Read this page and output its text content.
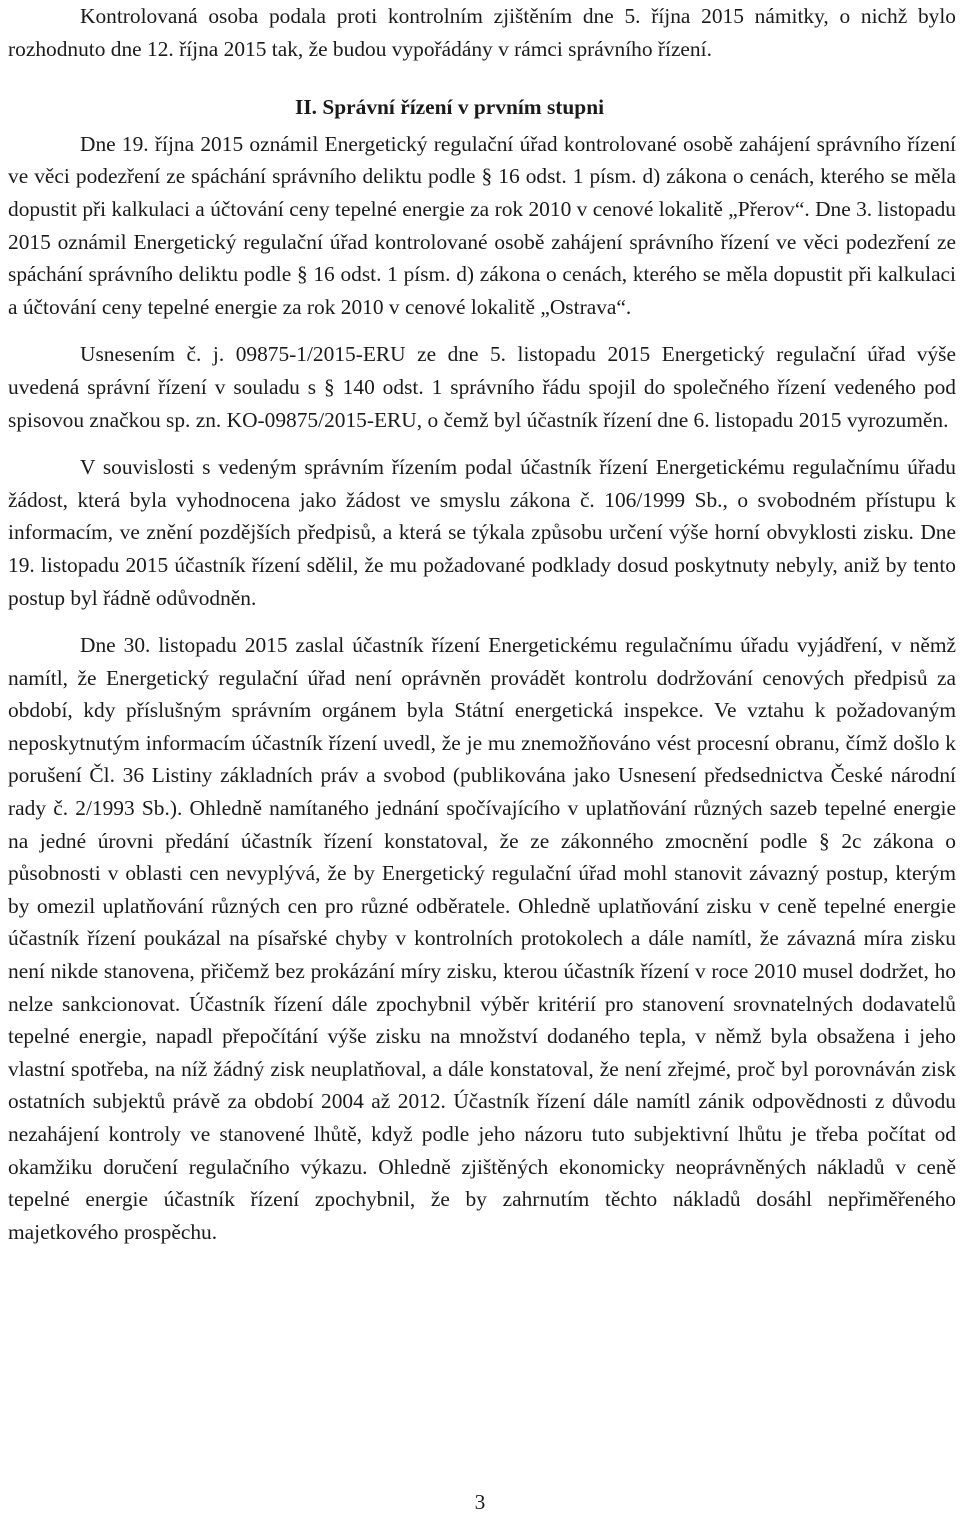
Kontrolovaná osoba podala proti kontrolním zjištěním dne 5. října 2015 námitky, o nichž bylo rozhodnuto dne 12. října 2015 tak, že budou vypořádány v rámci správního řízení.

II. Správní řízení v prvním stupni

Dne 19. října 2015 oznámil Energetický regulační úřad kontrolované osobě zahájení správního řízení ve věci podezření ze spáchání správního deliktu podle § 16 odst. 1 písm. d) zákona o cenách, kterého se měla dopustit při kalkulaci a účtování ceny tepelné energie za rok 2010 v cenové lokalitě „Přerov“. Dne 3. listopadu 2015 oznámil Energetický regulační úřad kontrolované osobě zahájení správního řízení ve věci podezření ze spáchání správního deliktu podle § 16 odst. 1 písm. d) zákona o cenách, kterého se měla dopustit při kalkulaci a účtování ceny tepelné energie za rok 2010 v cenové lokalitě „Ostrava“.

Usnesením č. j. 09875-1/2015-ERU ze dne 5. listopadu 2015 Energetický regulační úřad výše uvedená správní řízení v souladu s § 140 odst. 1 správního řádu spojil do společného řízení vedeného pod spisovou značkou sp. zn. KO-09875/2015-ERU, o čemž byl účastník řízení dne 6. listopadu 2015 vyrozuměn.

V souvislosti s vedeným správním řízením podal účastník řízení Energetickému regulačnímu úřadu žádost, která byla vyhodnocena jako žádost ve smyslu zákona č. 106/1999 Sb., o svobodném přístupu k informacím, ve znění pozdějších předpisů, a která se týkala způsobu určení výše horní obvyklosti zisku. Dne 19. listopadu 2015 účastník řízení sdělil, že mu požadované podklady dosud poskytnuty nebyly, aniž by tento postup byl řádně odůvodněn.

Dne 30. listopadu 2015 zaslal účastník řízení Energetickému regulačnímu úřadu vyjádření, v němž namítl, že Energetický regulační úřad není oprávněn provádět kontrolu dodržování cenových předpisů za období, kdy příslušným správním orgánem byla Státní energetická inspekce. Ve vztahu k požadovaným neposkytnutým informacím účastník řízení uvedl, že je mu znemožňováno vést procesní obranu, čímž došlo k porušení Čl. 36 Listiny základních práv a svobod (publikována jako Usnesení předsednictva České národní rady č. 2/1993 Sb.). Ohledně namítaného jednání spočívajícího v uplatňování různých sazeb tepelné energie na jedné úrovni předání účastník řízení konstatoval, že ze zákonného zmocnění podle § 2c zákona o působnosti v oblasti cen nevyplývá, že by Energetický regulační úřad mohl stanovit závazný postup, kterým by omezil uplatňování různých cen pro různé odběratele. Ohledně uplatňování zisku v ceně tepelné energie účastník řízení poukázal na písařské chyby v kontrolních protokolech a dále namítl, že závazná míra zisku není nikde stanovena, přičemž bez prokázání míry zisku, kterou účastník řízení v roce 2010 musel dodržet, ho nelze sankcionovat. Účastník řízení dále zpochybnil výběr kritérií pro stanovení srovnatelných dodavatelů tepelné energie, napadl přepočítání výše zisku na množství dodaného tepla, v němž byla obsažena i jeho vlastní spotřeba, na níž žádný zisk neuplatňoval, a dále konstatoval, že není zřejmé, proč byl porovnáván zisk ostatních subjektů právě za období 2004 až 2012. Účastník řízení dále namítl zánik odpovědnosti z důvodu nezahájení kontroly ve stanovené lhůtě, když podle jeho názoru tuto subjektivní lhůtu je třeba počítat od okamžiku doručení regulačního výkazu. Ohledně zjištěných ekonomicky neoprávněných nákladů v ceně tepelné energie účastník řízení zpochybnil, že by zahrnutím těchto nákladů dosáhl nepřiměřeného majetkového prospěchu.

3
